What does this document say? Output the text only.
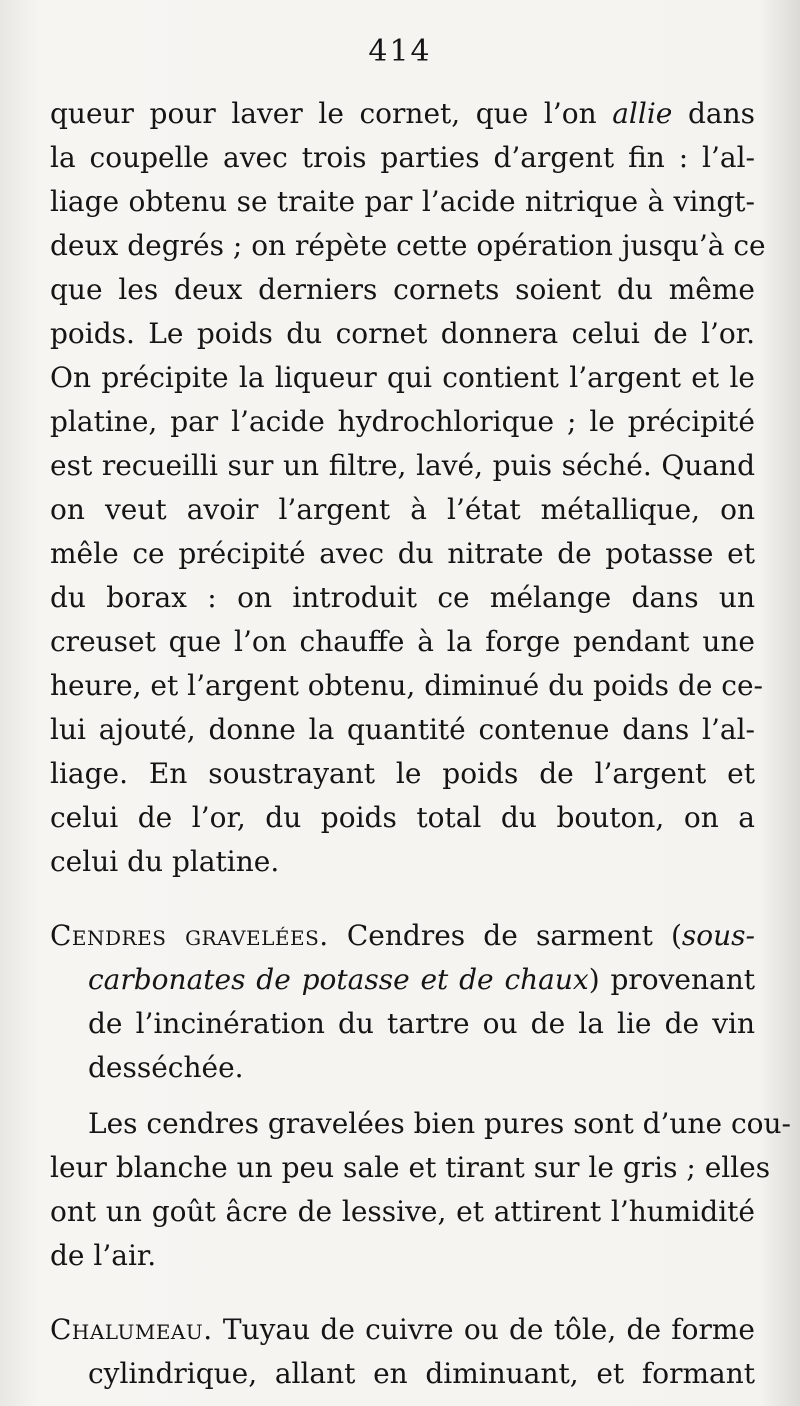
414
queur pour laver le cornet, que l’on allie dans
la coupelle avec trois parties d’argent fin : l’al-
liage obtenu se traite par l’acide nitrique à vingt-
deux degrés ; on répète cette opération jusqu’à ce
que les deux derniers cornets soient du même
poids. Le poids du cornet donnera celui de l’or.
On précipite la liqueur qui contient l’argent et le
platine, par l’acide hydrochlorique ; le précipité
est recueilli sur un filtre, lavé, puis séché. Quand
on veut avoir l’argent à l’état métallique, on
mêle ce précipité avec du nitrate de potasse et
du borax : on introduit ce mélange dans un
creuset que l’on chauffe à la forge pendant une
heure, et l’argent obtenu, diminué du poids de ce-
lui ajouté, donne la quantité contenue dans l’al-
liage. En soustrayant le poids de l’argent et
celui de l’or, du poids total du bouton, on a
celui du platine.
Cendres gravelées. Cendres de sarment (sous-
carbonates de potasse et de chaux) provenant
de l’incinération du tartre ou de la lie de vin
desséchée.
Les cendres gravelées bien pures sont d’une cou-
leur blanche un peu sale et tirant sur le gris ; elles
ont un goût âcre de lessive, et attirent l’humidité
de l’air.
Chalumeau. Tuyau de cuivre ou de tôle, de forme
cylindrique, allant en diminuant, et formant
